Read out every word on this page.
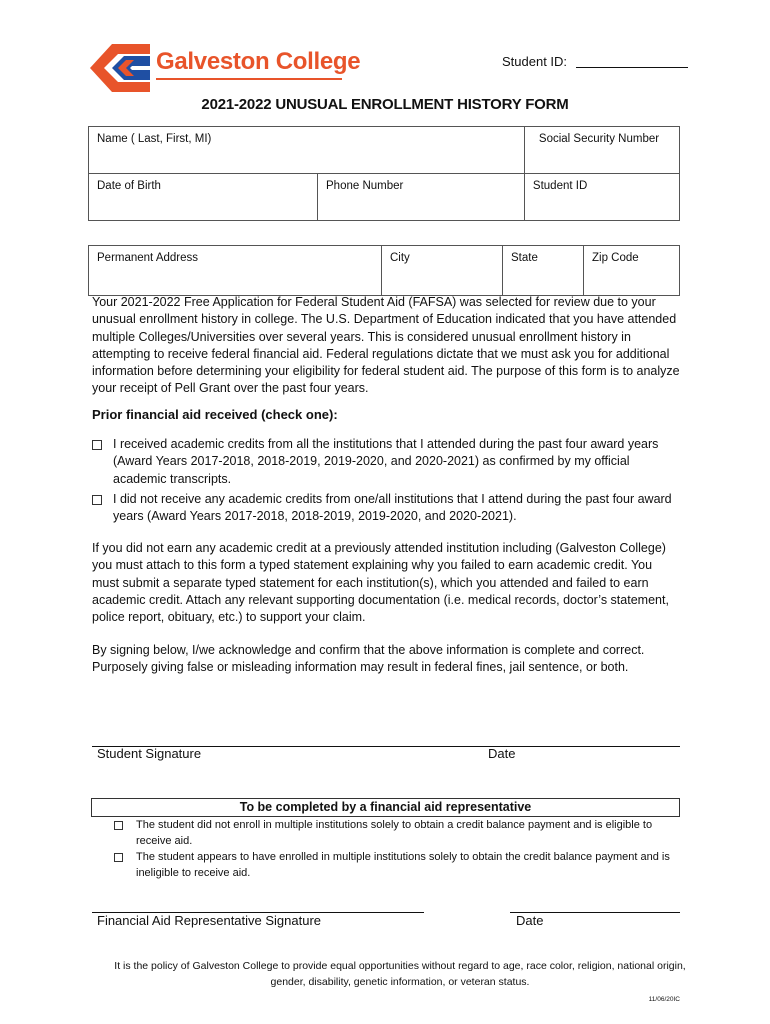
Galveston College	Student ID:
2021-2022 UNUSUAL ENROLLMENT HISTORY FORM
Name ( Last, First, MI)		Social Security Number
Date of Birth	Phone Number	Student ID
Permanent Address	City	State	Zip Code
Your 2021-2022 Free Application for Federal Student Aid (FAFSA) was selected for review due to your unusual enrollment history in college. The U.S. Department of Education indicated that you have attended multiple Colleges/Universities over several years. This is considered unusual enrollment history in attempting to receive federal financial aid. Federal regulations dictate that we must ask you for additional information before determining your eligibility for federal student aid. The purpose of this form is to analyze your receipt of Pell Grant over the past four years.
Prior financial aid received (check one):
I received academic credits from all the institutions that I attended during the past four award years (Award Years 2017-2018, 2018-2019, 2019-2020, and 2020-2021) as confirmed by my official academic transcripts.
I did not receive any academic credits from one/all institutions that I attend during the past four award years (Award Years 2017-2018, 2018-2019, 2019-2020, and 2020-2021).
If you did not earn any academic credit at a previously attended institution including (Galveston College) you must attach to this form a typed statement explaining why you failed to earn academic credit. You must submit a separate typed statement for each institution(s), which you attended and failed to earn academic credit. Attach any relevant supporting documentation (i.e. medical records, doctor’s statement, police report, obituary, etc.) to support your claim.
By signing below, I/we acknowledge and confirm that the above information is complete and correct. Purposely giving false or misleading information may result in federal fines, jail sentence, or both.
Student Signature	Date
To be completed by a financial aid representative
The student did not enroll in multiple institutions solely to obtain a credit balance payment and is eligible to receive aid.
The student appears to have enrolled in multiple institutions solely to obtain the credit balance payment and is ineligible to receive aid.
Financial Aid Representative Signature	Date
It is the policy of Galveston College to provide equal opportunities without regard to age, race color, religion, national origin, gender, disability, genetic information, or veteran status.
11/06/20IC
